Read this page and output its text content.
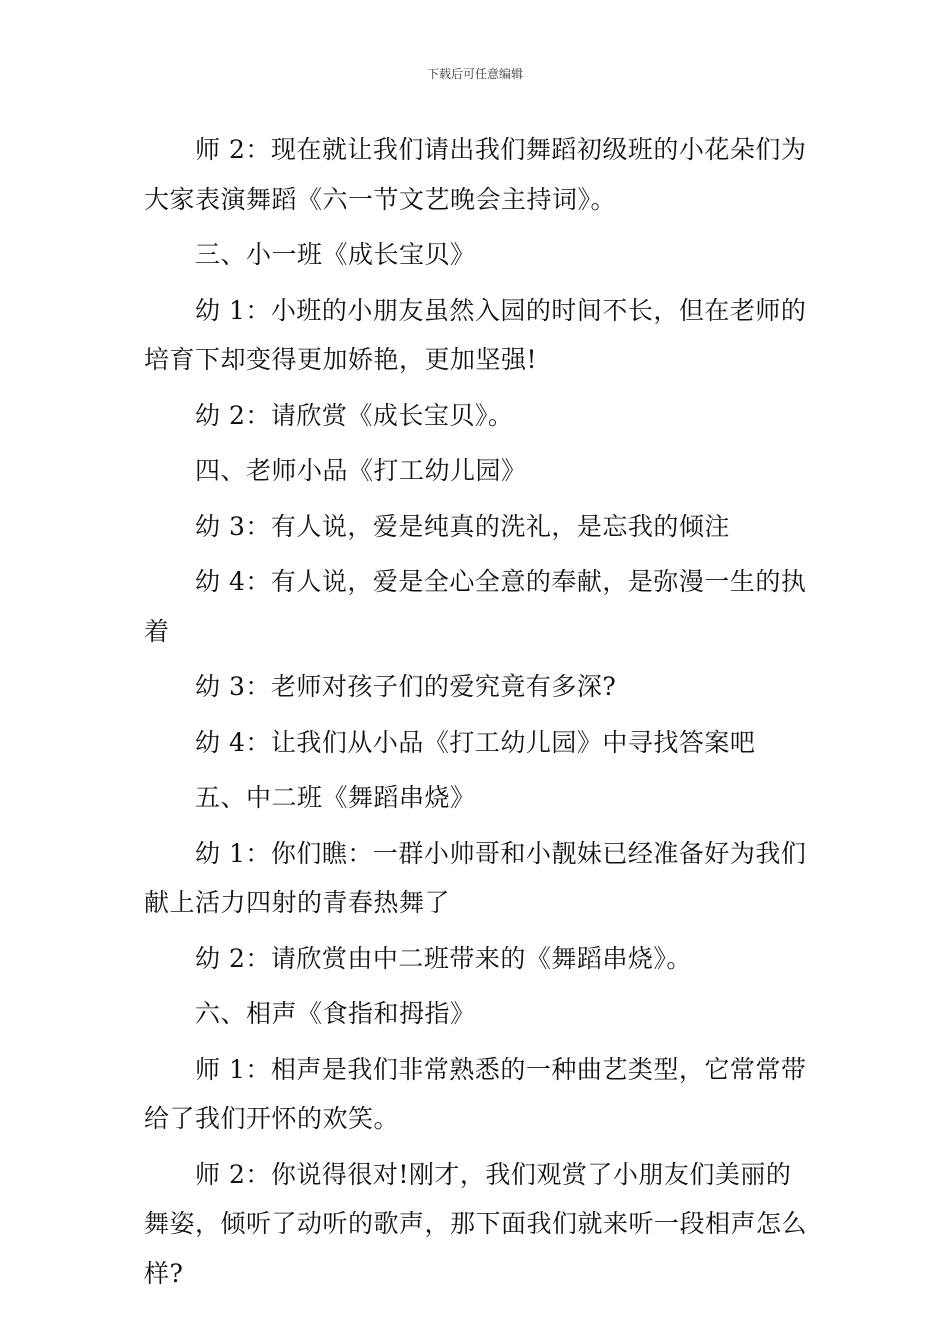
下载后可任意编辑

师 2：现在就让我们请出我们舞蹈初级班的小花朵们为大家表演舞蹈《六一节文艺晚会主持词》。

三、小一班《成长宝贝》

幼 1：小班的小朋友虽然入园的时间不长，但在老师的培育下却变得更加娇艳，更加坚强!

幼 2：请欣赏《成长宝贝》。

四、老师小品《打工幼儿园》

幼 3：有人说，爱是纯真的洗礼，是忘我的倾注

幼 4：有人说，爱是全心全意的奉献，是弥漫一生的执着

幼 3：老师对孩子们的爱究竟有多深?

幼 4：让我们从小品《打工幼儿园》中寻找答案吧

五、中二班《舞蹈串烧》

幼 1：你们瞧：一群小帅哥和小靓妹已经准备好为我们献上活力四射的青春热舞了

幼 2：请欣赏由中二班带来的《舞蹈串烧》。

六、相声《食指和拇指》

师 1：相声是我们非常熟悉的一种曲艺类型，它常常带给了我们开怀的欢笑。

师 2：你说得很对!刚才，我们观赏了小朋友们美丽的舞姿，倾听了动听的歌声，那下面我们就来听一段相声怎么样?
